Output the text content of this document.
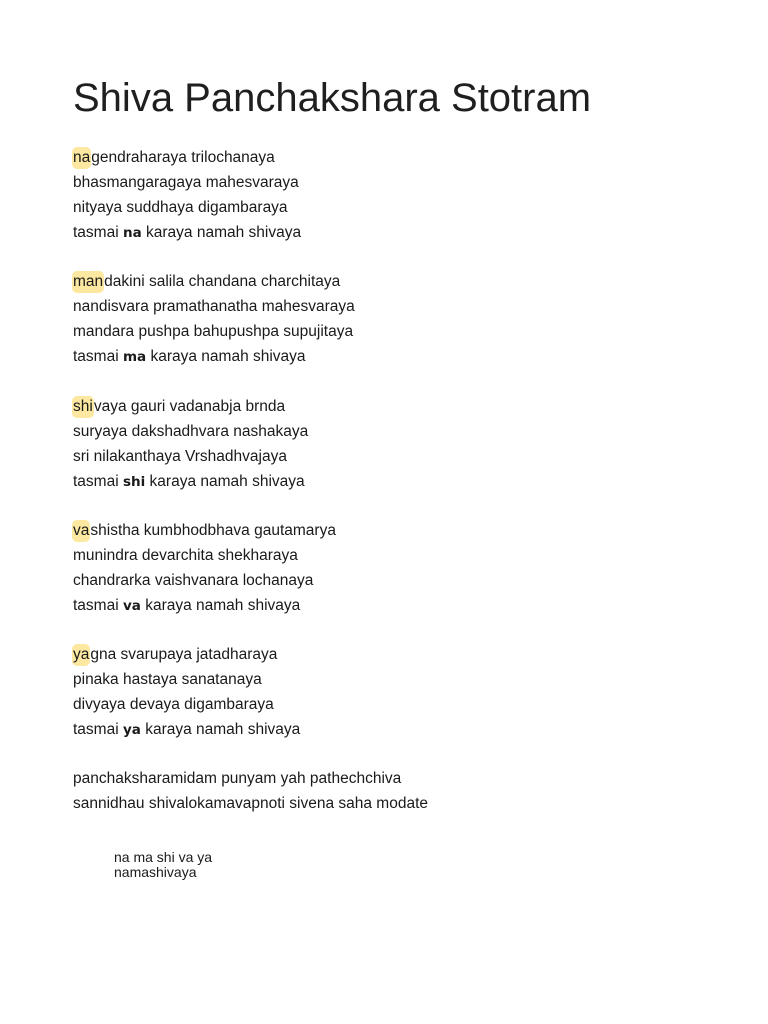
Shiva Panchakshara Stotram
nagendraharaya trilochanaya
bhasmangaragaya mahesvaraya
nityaya suddhaya digambaraya
tasmai na karaya namah shivaya
mandakini salila chandana charchitaya
nandisvara pramathanatha mahesvaraya
mandara pushpa bahupushpa supujitaya
tasmai ma karaya namah shivaya
shivaya gauri vadanabja brnda
suryaya dakshadhvara nashakaya
sri nilakanthaya Vrshadhvajaya
tasmai shi karaya namah shivaya
vashistha kumbhodbhava gautamarya
munindra devarchita shekharaya
chandrarka vaishvanara lochanaya
tasmai va karaya namah shivaya
yagna svarupaya jatadharaya
pinaka hastaya sanatanaya
divyaya devaya digambaraya
tasmai ya karaya namah shivaya
panchaksharamidam punyam yah pathechchiva
sannidhau shivalokamavapnoti sivena saha modate
na ma shi va ya
namashivaya
